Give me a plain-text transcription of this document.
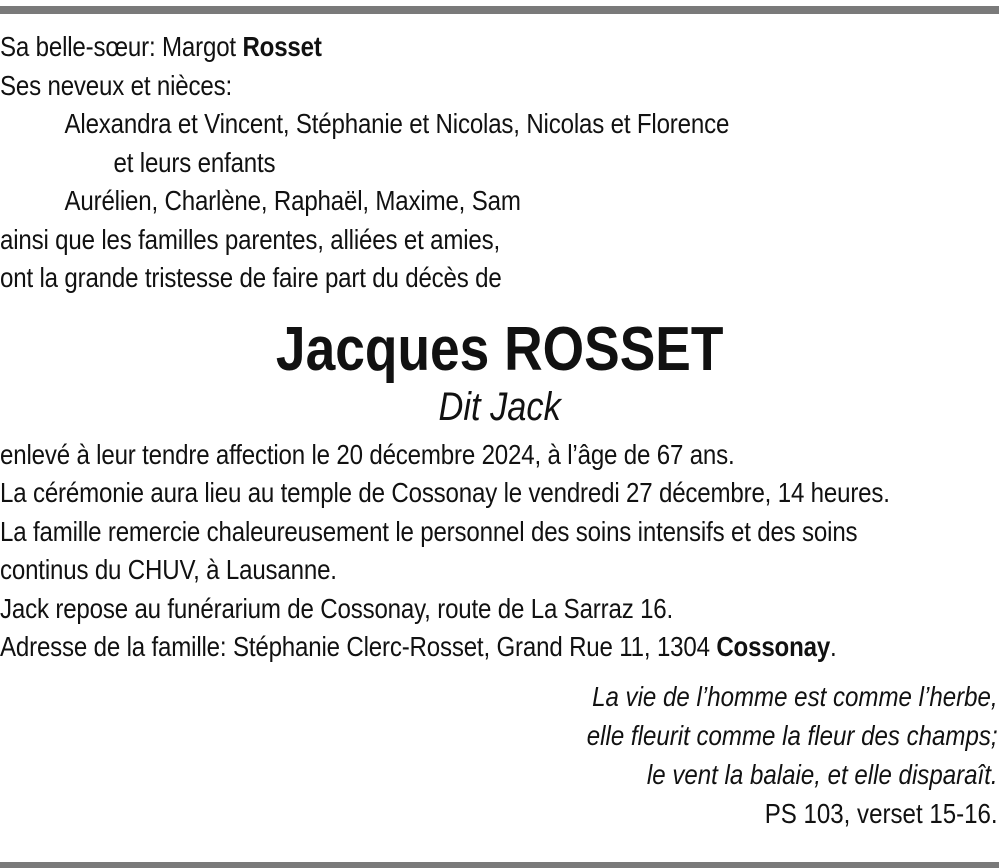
Sa belle-sœur: Margot Rosset
Ses neveux et nièces:
Alexandra et Vincent, Stéphanie et Nicolas, Nicolas et Florence
et leurs enfants
Aurélien, Charlène, Raphaël, Maxime, Sam
ainsi que les familles parentes, alliées et amies,
ont la grande tristesse de faire part du décès de
Jacques ROSSET
Dit Jack
enlevé à leur tendre affection le 20 décembre 2024, à l’âge de 67 ans.
La cérémonie aura lieu au temple de Cossonay le vendredi 27 décembre, 14 heures.
La famille remercie chaleureusement le personnel des soins intensifs et des soins
continus du CHUV, à Lausanne.
Jack repose au funérarium de Cossonay, route de La Sarraz 16.
Adresse de la famille: Stéphanie Clerc-Rosset, Grand Rue 11, 1304 Cossonay.
La vie de l’homme est comme l’herbe,
elle fleurit comme la fleur des champs;
le vent la balaie, et elle disparaît.
PS 103, verset 15-16.
